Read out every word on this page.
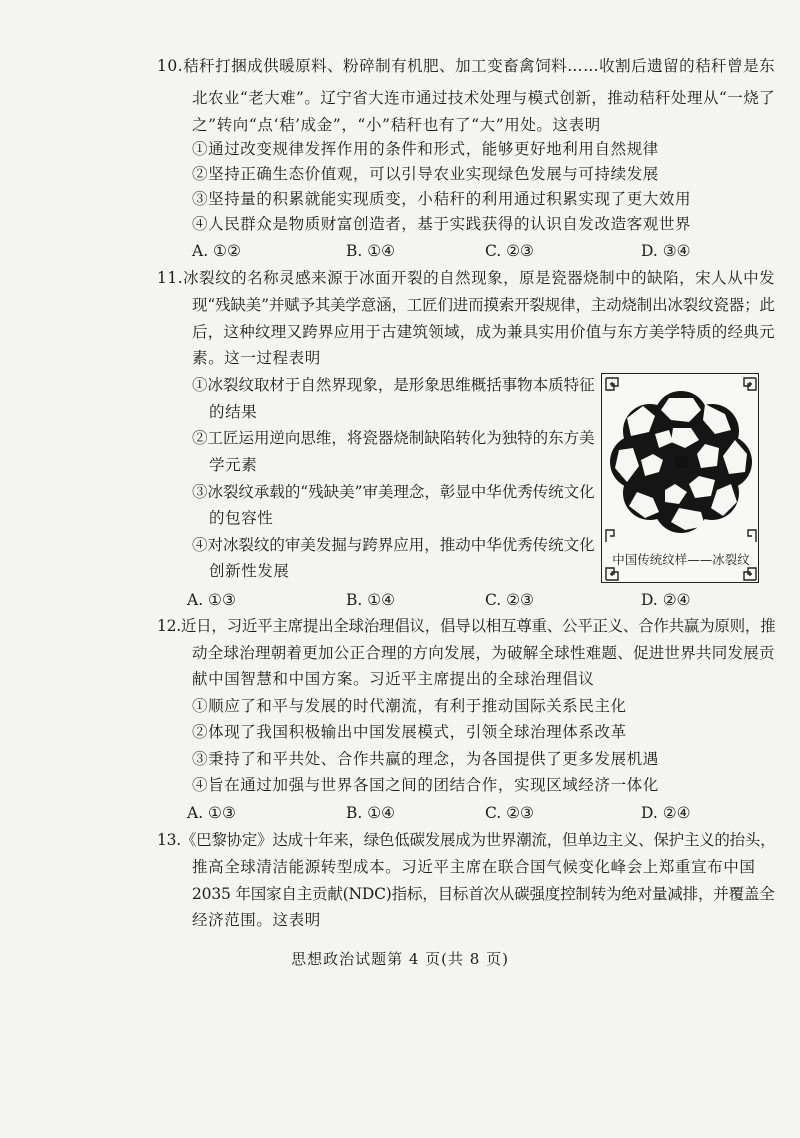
10.秸秆打捆成供暖原料、粉碎制有机肥、加工变畜禽饲料……收割后遗留的秸秆曾是东
北农业“老大难”。辽宁省大连市通过技术处理与模式创新，推动秸秆处理从“一烧了
之”转向“点‘秸’成金”，“小”秸秆也有了“大”用处。这表明
①通过改变规律发挥作用的条件和形式，能够更好地利用自然规律
②坚持正确生态价值观，可以引导农业实现绿色发展与可持续发展
③坚持量的积累就能实现质变，小秸秆的利用通过积累实现了更大效用
④人民群众是物质财富创造者，基于实践获得的认识自发改造客观世界
A. ①②	B. ①④	C. ②③	D. ③④
11.冰裂纹的名称灵感来源于冰面开裂的自然现象，原是瓷器烧制中的缺陷，宋人从中发
现“残缺美”并赋予其美学意涵，工匠们进而摸索开裂规律，主动烧制出冰裂纹瓷器；此
后，这种纹理又跨界应用于古建筑领域，成为兼具实用价值与东方美学特质的经典元
素。这一过程表明
①冰裂纹取材于自然界现象，是形象思维概括事物本质特征
的结果
②工匠运用逆向思维，将瓷器烧制缺陷转化为独特的东方美
学元素
③冰裂纹承载的“残缺美”审美理念，彰显中华优秀传统文化
的包容性
④对冰裂纹的审美发掘与跨界应用，推动中华优秀传统文化
创新性发展
中国传统纹样——冰裂纹
A. ①③	B. ①④	C. ②③	D. ②④
12.近日，习近平主席提出全球治理倡议，倡导以相互尊重、公平正义、合作共赢为原则，推
动全球治理朝着更加公正合理的方向发展，为破解全球性难题、促进世界共同发展贡
献中国智慧和中国方案。习近平主席提出的全球治理倡议
①顺应了和平与发展的时代潮流，有利于推动国际关系民主化
②体现了我国积极输出中国发展模式，引领全球治理体系改革
③秉持了和平共处、合作共赢的理念，为各国提供了更多发展机遇
④旨在通过加强与世界各国之间的团结合作，实现区域经济一体化
A. ①③	B. ①④	C. ②③	D. ②④
13.《巴黎协定》达成十年来，绿色低碳发展成为世界潮流，但单边主义、保护主义的抬头，
推高全球清洁能源转型成本。习近平主席在联合国气候变化峰会上郑重宣布中国
2035 年国家自主贡献(NDC)指标，目标首次从碳强度控制转为绝对量减排，并覆盖全
经济范围。这表明
思想政治试题第 4 页(共 8 页)
